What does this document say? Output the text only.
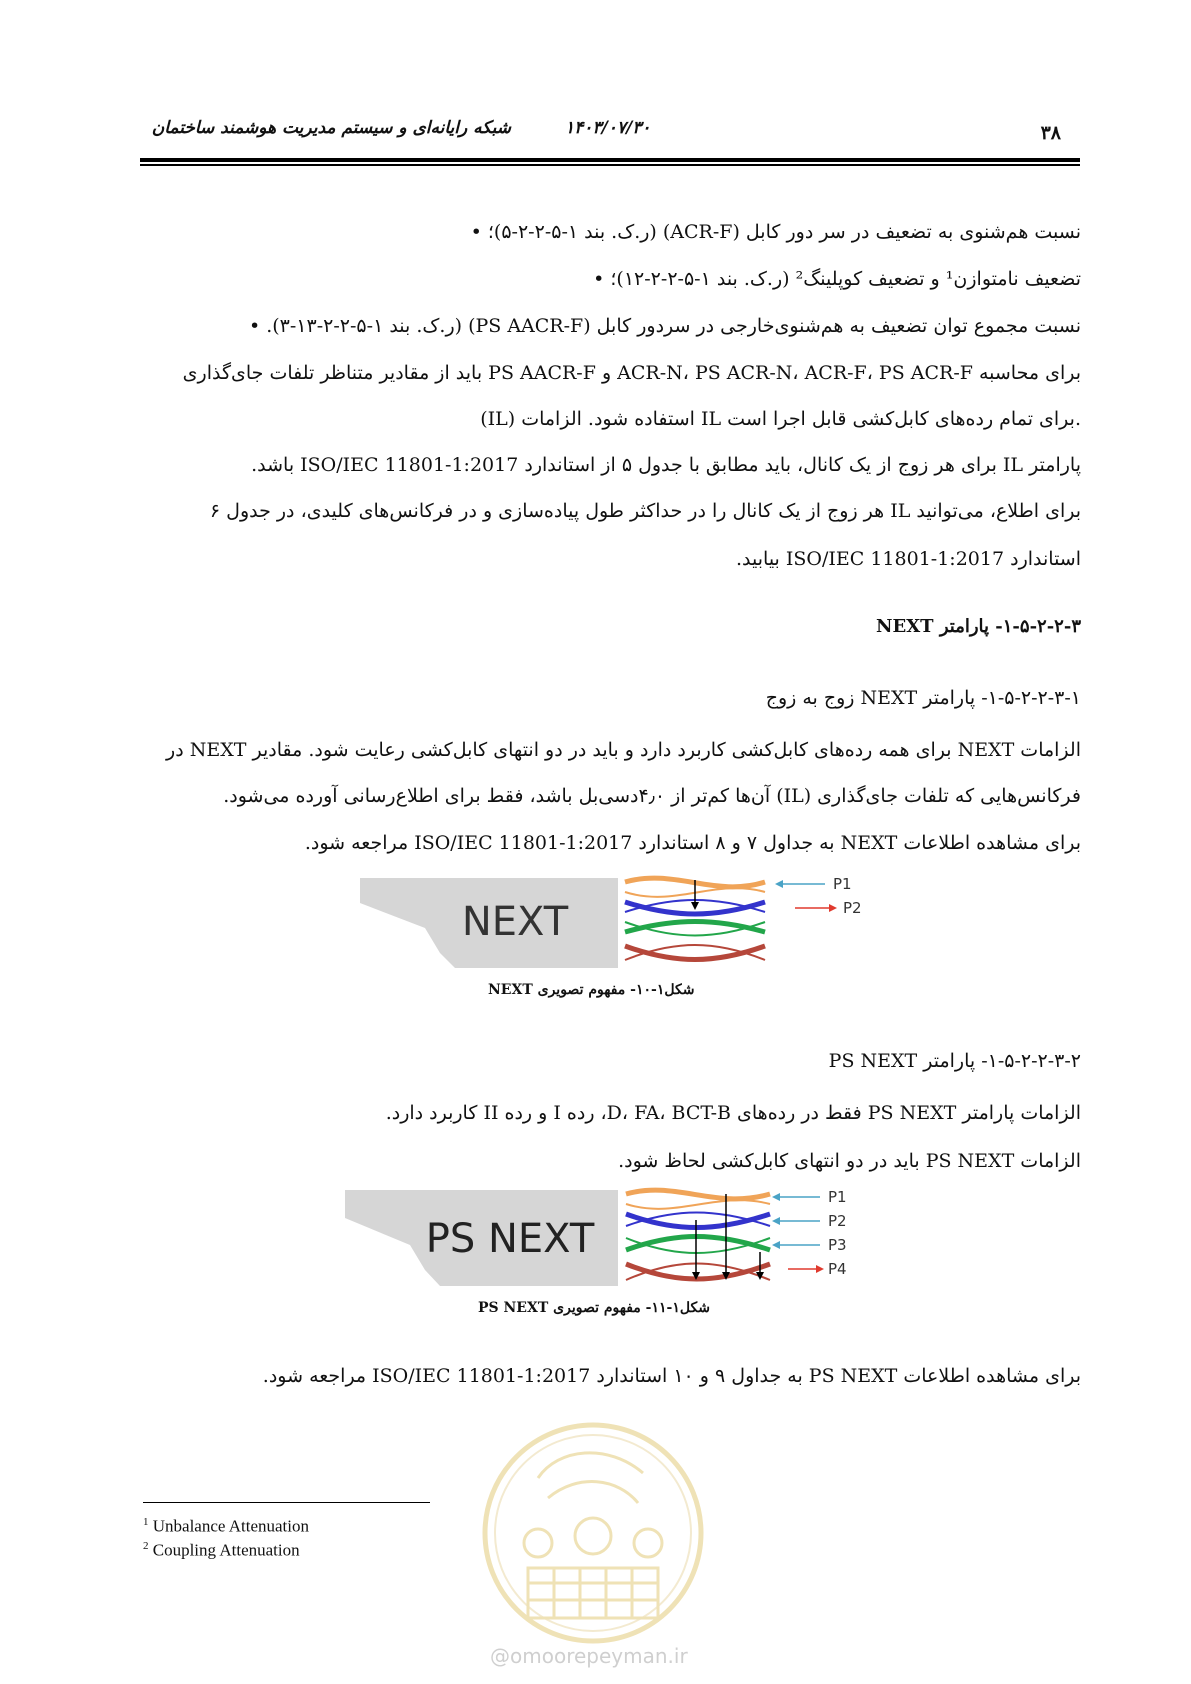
شبکه رایانه‌ای و سیستم مدیریت هوشمند ساختمان	۱۴۰۳/۰۷/۳۰	۳۸
نسبت هم‌شنوی به تضعیف در سر دور کابل (ACR-F) (ر.ک. بند ۱-۵-۲-۲-۵)؛ •
تضعیف نامتوازن¹ و تضعیف کوپلینگ² (ر.ک. بند ۱-۵-۲-۲-۱۲)؛ •
نسبت مجموع توان تضعیف به هم‌شنوی‌خارجی در سردور کابل (PS AACR-F) (ر.ک. بند ۱-۵-۲-۲-۱۳-۳). •
برای محاسبه ACR-N، PS ACR-N، ACR-F، PS ACR-F و PS AACR-F باید از مقادیر متناظر تلفات جای‌گذاری
(IL) استفاده شود. الزامات IL برای تمام رده‌های کابل‌کشی قابل اجرا است.
پارامتر IL برای هر زوج از یک کانال، باید مطابق با جدول ۵ از استاندارد ISO/IEC 11801-1:2017 باشد.
برای اطلاع، می‌توانید IL هر زوج از یک کانال را در حداکثر طول پیاده‌سازی و در فرکانس‌های کلیدی، در جدول ۶
استاندارد ISO/IEC 11801-1:2017 بیابید.
۱-۵-۲-۲-۳- پارامتر NEXT
۱-۵-۲-۲-۳-۱- پارامتر NEXT زوج به زوج
الزامات NEXT برای همه رده‌های کابل‌کشی کاربرد دارد و باید در دو انتهای کابل‌کشی رعایت شود. مقادیر NEXT در
فرکانس‌هایی که تلفات جای‌گذاری (IL) آن‌ها کم‌تر از ۴٫۰دسی‌بل باشد، فقط برای اطلاع‌رسانی آورده می‌شود.
برای مشاهده اطلاعات NEXT به جداول ۷ و ۸ استاندارد ISO/IEC 11801-1:2017 مراجعه شود.
NEXT
P1
P2
شکل۱-۱۰- مفهوم تصویری NEXT
۱-۵-۲-۲-۳-۲- پارامتر PS NEXT
الزامات پارامتر PS NEXT فقط در رده‌های D، FA، BCT-B، رده I و رده II کاربرد دارد.
الزامات PS NEXT باید در دو انتهای کابل‌کشی لحاظ شود.
PS NEXT
P1
P2
P3
P4
شکل۱-۱۱- مفهوم تصویری PS NEXT
برای مشاهده اطلاعات PS NEXT به جداول ۹ و ۱۰ استاندارد ISO/IEC 11801-1:2017 مراجعه شود.
@omoorepeyman.ir
$^1$ Unbalance Attenuation
$^2$ Coupling Attenuation
